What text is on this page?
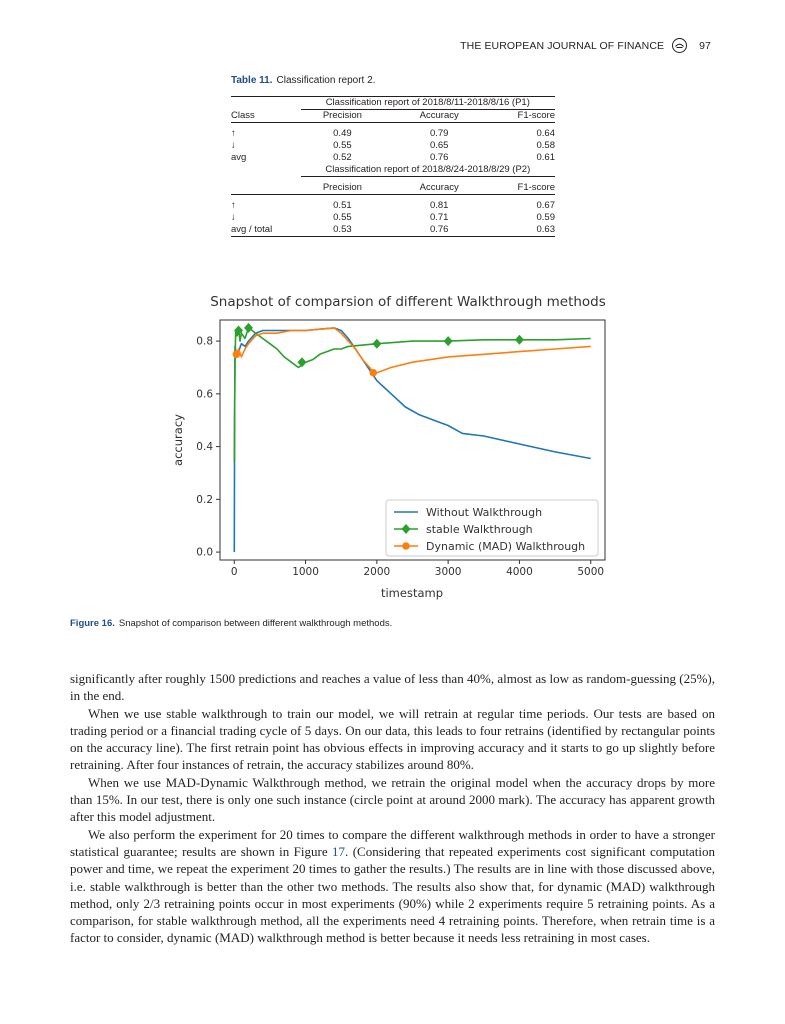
THE EUROPEAN JOURNAL OF FINANCE	97
Table 11. Classification report 2.
	Classification report of 2018/8/11-2018/8/16 (P1)		
Class	Precision	Accuracy	F1-score

↑	0.49	0.79	0.64
↓	0.55	0.65	0.58
avg	0.52	0.76	0.61
	Classification report of 2018/8/24-2018/8/29 (P2)		

	Precision	Accuracy	F1-score

↑	0.51	0.81	0.67
↓	0.55	0.71	0.59
avg / total	0.53	0.76	0.63
Snapshot of comparsion of different Walkthrough methods
0	1000	2000	3000	4000	5000
0.0
0.2
0.4
0.6
0.8
timestamp
accuracy
Without Walkthrough
stable Walkthrough
Dynamic (MAD) Walkthrough
Figure 16. Snapshot of comparison between different walkthrough methods.

significantly after roughly 1500 predictions and reaches a value of less than 40%, almost as low as random-guessing (25%), in the end.

When we use stable walkthrough to train our model, we will retrain at regular time periods. Our tests are based on trading period or a financial trading cycle of 5 days. On our data, this leads to four retrains (identified by rectangular points on the accuracy line). The first retrain point has obvious effects in improving accuracy and it starts to go up slightly before retraining. After four instances of retrain, the accuracy stabilizes around 80%.

When we use MAD-Dynamic Walkthrough method, we retrain the original model when the accuracy drops by more than 15%. In our test, there is only one such instance (circle point at around 2000 mark). The accuracy has apparent growth after this model adjustment.

We also perform the experiment for 20 times to compare the different walkthrough methods in order to have a stronger statistical guarantee; results are shown in Figure 17. (Considering that repeated experiments cost significant computation power and time, we repeat the experiment 20 times to gather the results.) The results are in line with those discussed above, i.e. stable walkthrough is better than the other two methods. The results also show that, for dynamic (MAD) walkthrough method, only 2/3 retraining points occur in most experiments (90%) while 2 experiments require 5 retraining points. As a comparison, for stable walkthrough method, all the experiments need 4 retraining points. Therefore, when retrain time is a factor to consider, dynamic (MAD) walkthrough method is better because it needs less retraining in most cases.
